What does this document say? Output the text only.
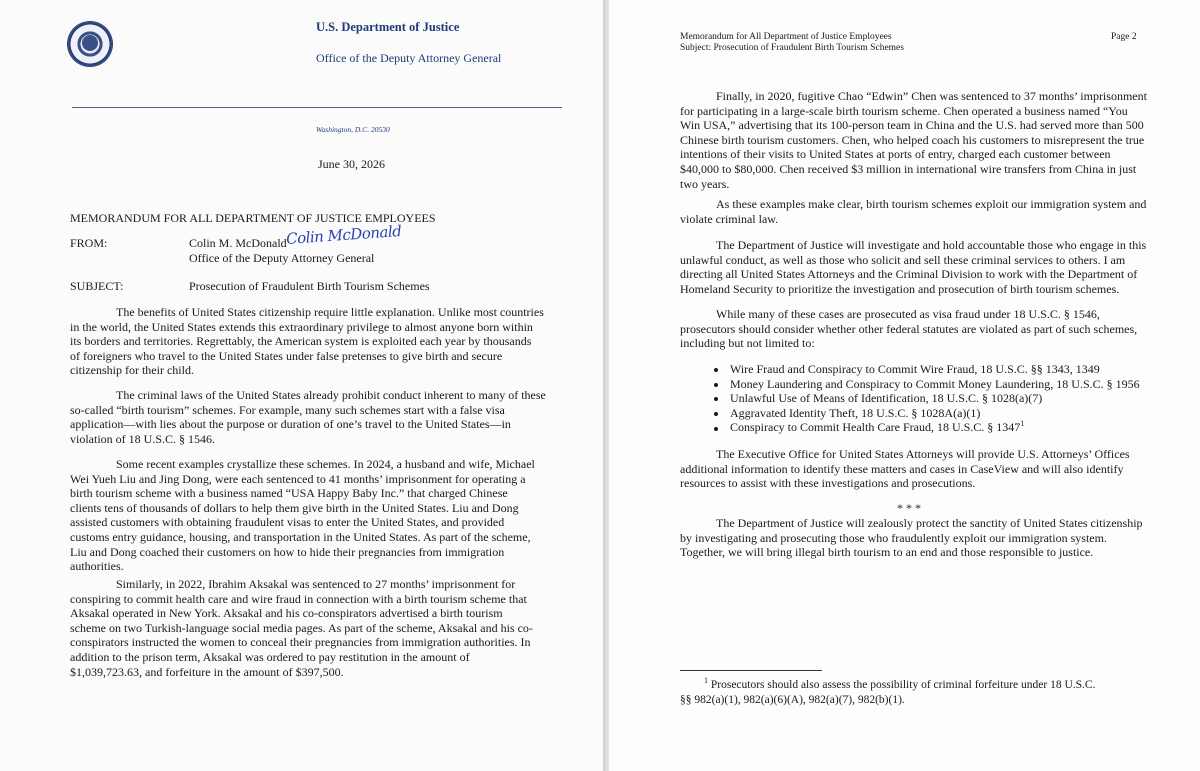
U.S. Department of Justice
Office of the Deputy Attorney General
Washington, D.C. 20530
June 30, 2026
MEMORANDUM FOR ALL DEPARTMENT OF JUSTICE EMPLOYEES
FROM:	Colin M. McDonald
Colin McDonald
Office of the Deputy Attorney General
SUBJECT:	Prosecution of Fraudulent Birth Tourism Schemes
The benefits of United States citizenship require little explanation. Unlike most countries
in the world, the United States extends this extraordinary privilege to almost anyone born within
its borders and territories. Regrettably, the American system is exploited each year by thousands
of foreigners who travel to the United States under false pretenses to give birth and secure
citizenship for their child.
The criminal laws of the United States already prohibit conduct inherent to many of these
so-called “birth tourism” schemes. For example, many such schemes start with a false visa
application—with lies about the purpose or duration of one’s travel to the United States—in
violation of 18 U.S.C. § 1546.
Some recent examples crystallize these schemes. In 2024, a husband and wife, Michael
Wei Yueh Liu and Jing Dong, were each sentenced to 41 months’ imprisonment for operating a
birth tourism scheme with a business named “USA Happy Baby Inc.” that charged Chinese
clients tens of thousands of dollars to help them give birth in the United States. Liu and Dong
assisted customers with obtaining fraudulent visas to enter the United States, and provided
customs entry guidance, housing, and transportation in the United States. As part of the scheme,
Liu and Dong coached their customers on how to hide their pregnancies from immigration
authorities.
Similarly, in 2022, Ibrahim Aksakal was sentenced to 27 months’ imprisonment for
conspiring to commit health care and wire fraud in connection with a birth tourism scheme that
Aksakal operated in New York. Aksakal and his co-conspirators advertised a birth tourism
scheme on two Turkish-language social media pages. As part of the scheme, Aksakal and his co-
conspirators instructed the women to conceal their pregnancies from immigration authorities. In
addition to the prison term, Aksakal was ordered to pay restitution in the amount of
$1,039,723.63, and forfeiture in the amount of $397,500.
Memorandum for All Department of Justice Employees
Subject: Prosecution of Fraudulent Birth Tourism Schemes
Page 2
Finally, in 2020, fugitive Chao “Edwin” Chen was sentenced to 37 months’ imprisonment
for participating in a large-scale birth tourism scheme. Chen operated a business named “You
Win USA,” advertising that its 100-person team in China and the U.S. had served more than 500
Chinese birth tourism customers. Chen, who helped coach his customers to misrepresent the true
intentions of their visits to United States at ports of entry, charged each customer between
$40,000 to $80,000. Chen received $3 million in international wire transfers from China in just
two years.
As these examples make clear, birth tourism schemes exploit our immigration system and
violate criminal law.
The Department of Justice will investigate and hold accountable those who engage in this
unlawful conduct, as well as those who solicit and sell these criminal services to others. I am
directing all United States Attorneys and the Criminal Division to work with the Department of
Homeland Security to prioritize the investigation and prosecution of birth tourism schemes.
While many of these cases are prosecuted as visa fraud under 18 U.S.C. § 1546,
prosecutors should consider whether other federal statutes are violated as part of such schemes,
including but not limited to:
Wire Fraud and Conspiracy to Commit Wire Fraud, 18 U.S.C. §§ 1343, 1349
Money Laundering and Conspiracy to Commit Money Laundering, 18 U.S.C. § 1956
Unlawful Use of Means of Identification, 18 U.S.C. § 1028(a)(7)
Aggravated Identity Theft, 18 U.S.C. § 1028A(a)(1)
Conspiracy to Commit Health Care Fraud, 18 U.S.C. § 1347$^1$
The Executive Office for United States Attorneys will provide U.S. Attorneys’ Offices
additional information to identify these matters and cases in CaseView and will also identify
resources to assist with these investigations and prosecutions.
* * *
The Department of Justice will zealously protect the sanctity of United States citizenship
by investigating and prosecuting those who fraudulently exploit our immigration system.
Together, we will bring illegal birth tourism to an end and those responsible to justice.
$^1$ Prosecutors should also assess the possibility of criminal forfeiture under 18 U.S.C.
§§ 982(a)(1), 982(a)(6)(A), 982(a)(7), 982(b)(1).
